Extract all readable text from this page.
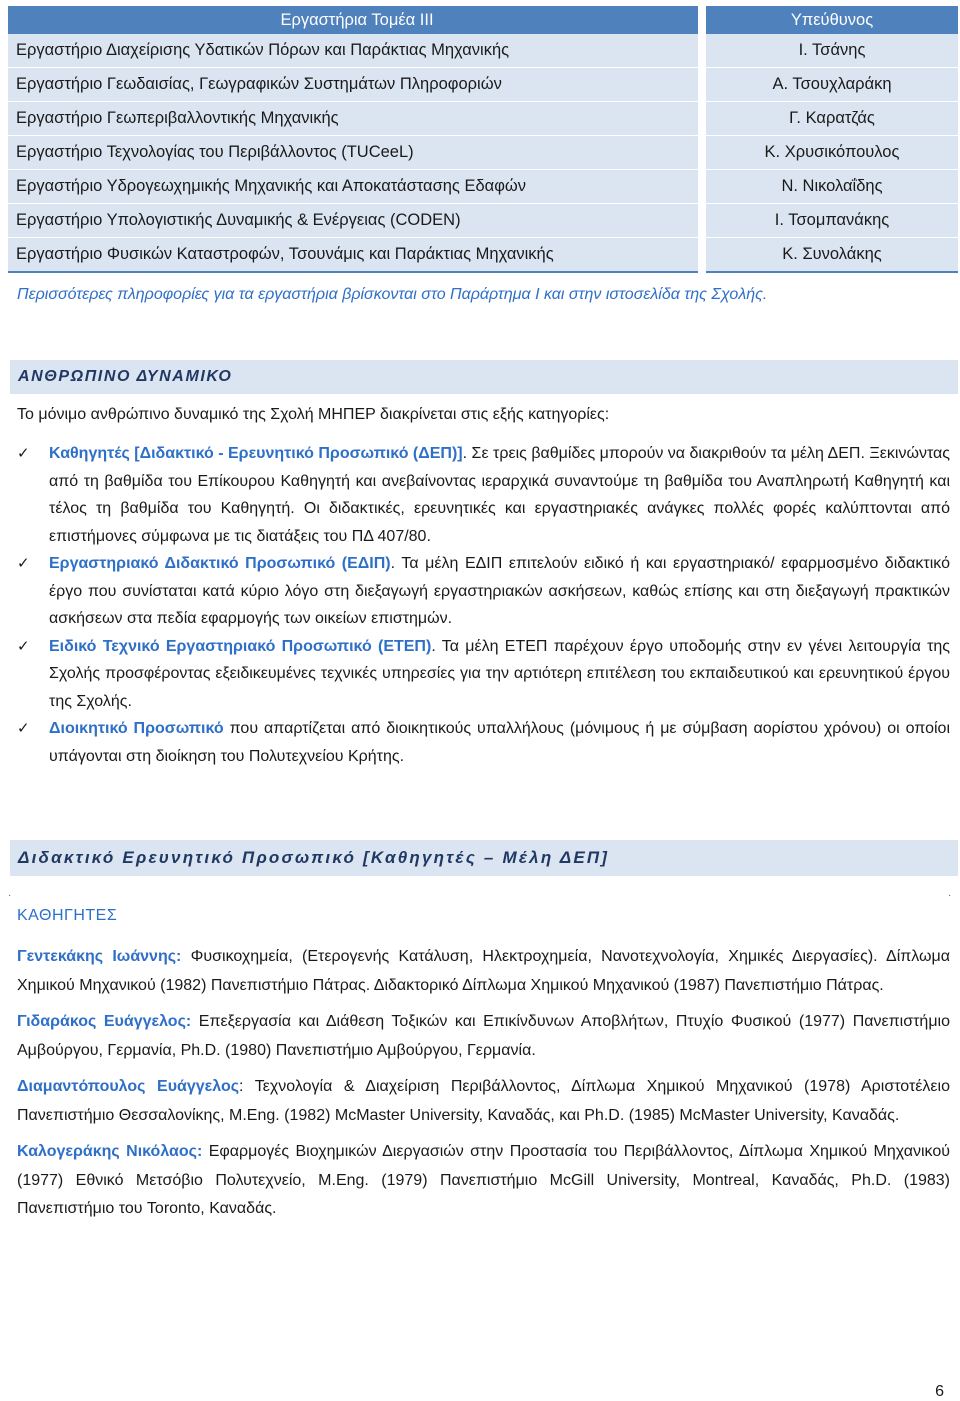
Εργαστήρια Τομέα ΙΙΙ		Υπεύθυνος
Εργαστήριο Διαχείρισης Υδατικών Πόρων και Παράκτιας Μηχανικής		Ι. Τσάνης
Εργαστήριο Γεωδαισίας, Γεωγραφικών Συστημάτων Πληροφοριών		Α. Τσουχλαράκη
Εργαστήριο Γεωπεριβαλλοντικής Μηχανικής		Γ. Καρατζάς
Εργαστήριο Τεχνολογίας του Περιβάλλοντος (TUCeeL)		Κ. Χρυσικόπουλος
Εργαστήριο Υδρογεωχημικής Μηχανικής και Αποκατάστασης Εδαφών		Ν. Νικολαΐδης
Εργαστήριο Υπολογιστικής Δυναμικής & Ενέργειας (CODEN)		Ι. Τσομπανάκης
Εργαστήριο Φυσικών Καταστροφών, Τσουνάμις και Παράκτιας Μηχανικής		Κ. Συνολάκης
Περισσότερες πληροφορίες για τα εργαστήρια βρίσκονται στο Παράρτημα Ι και στην ιστοσελίδα της Σχολής.
ΑΝΘΡΩΠΙΝΟ ΔΥΝΑΜΙΚΟ
Το μόνιμο ανθρώπινο δυναμικό της Σχολή ΜΗΠΕΡ διακρίνεται στις εξής κατηγορίες:
✓ Καθηγητές [Διδακτικό - Ερευνητικό Προσωπικό (ΔΕΠ)]. Σε τρεις βαθμίδες μπορούν να διακριθούν τα μέλη ΔΕΠ. Ξεκινώντας από τη βαθμίδα του Επίκουρου Καθηγητή και ανεβαίνοντας ιεραρχικά συναντούμε τη βαθμίδα του Αναπληρωτή Καθηγητή και τέλος τη βαθμίδα του Καθηγητή. Οι διδακτικές, ερευνητικές και εργαστηριακές ανάγκες πολλές φορές καλύπτονται από επιστήμονες σύμφωνα με τις διατάξεις του ΠΔ 407/80.
✓ Εργαστηριακό Διδακτικό Προσωπικό (ΕΔΙΠ). Τα μέλη ΕΔΙΠ επιτελούν ειδικό ή και εργαστηριακό/ εφαρμοσμένο διδακτικό έργο που συνίσταται κατά κύριο λόγο στη διεξαγωγή εργαστηριακών ασκήσεων, καθώς επίσης και στη διεξαγωγή πρακτικών ασκήσεων στα πεδία εφαρμογής των οικείων επιστημών.
✓ Ειδικό Τεχνικό Εργαστηριακό Προσωπικό (ΕΤΕΠ). Τα μέλη ΕΤΕΠ παρέχουν έργο υποδομής στην εν γένει λειτουργία της Σχολής προσφέροντας εξειδικευμένες τεχνικές υπηρεσίες για την αρτιότερη επιτέλεση του εκπαιδευτικού και ερευνητικού έργου της Σχολής.
✓ Διοικητικό Προσωπικό που απαρτίζεται από διοικητικούς υπαλλήλους (μόνιμους ή με σύμβαση αορίστου χρόνου) οι οποίοι υπάγονται στη διοίκηση του Πολυτεχνείου Κρήτης.
Διδακτικό Ερευνητικό Προσωπικό [Καθηγητές – Μέλη ΔΕΠ]
·	·
ΚΑΘΗΓΗΤΕΣ

Γεντεκάκης Ιωάννης: Φυσικοχημεία, (Ετερογενής Κατάλυση, Ηλεκτροχημεία, Νανοτεχνολογία, Χημικές Διεργασίες). Δίπλωμα Χημικού Μηχανικού (1982) Πανεπιστήμιο Πάτρας. Διδακτορικό Δίπλωμα Χημικού Μηχανικού (1987) Πανεπιστήμιο Πάτρας.

Γιδαράκος Ευάγγελος: Επεξεργασία και Διάθεση Τοξικών και Επικίνδυνων Αποβλήτων, Πτυχίο Φυσικού (1977) Πανεπιστήμιο Αμβούργου, Γερμανία, Ph.D. (1980) Πανεπιστήμιο Αμβούργου, Γερμανία.

Διαμαντόπουλος Ευάγγελος: Τεχνολογία & Διαχείριση Περιβάλλοντος, Δίπλωμα Χημικού Μηχανικού (1978) Αριστοτέλειο Πανεπιστήμιο Θεσσαλονίκης, M.Eng. (1982) McMaster University, Καναδάς, και Ph.D. (1985) McMaster University, Καναδάς.

Καλογεράκης Νικόλαος: Εφαρμογές Βιοχημικών Διεργασιών στην Προστασία του Περιβάλλοντος, Δίπλωμα Χημικού Μηχανικού (1977) Εθνικό Μετσόβιο Πολυτεχνείο, M.Eng. (1979) Πανεπιστήμιο McGill University, Montreal, Καναδάς, Ph.D. (1983) Πανεπιστήμιο του Toronto, Καναδάς.

6
